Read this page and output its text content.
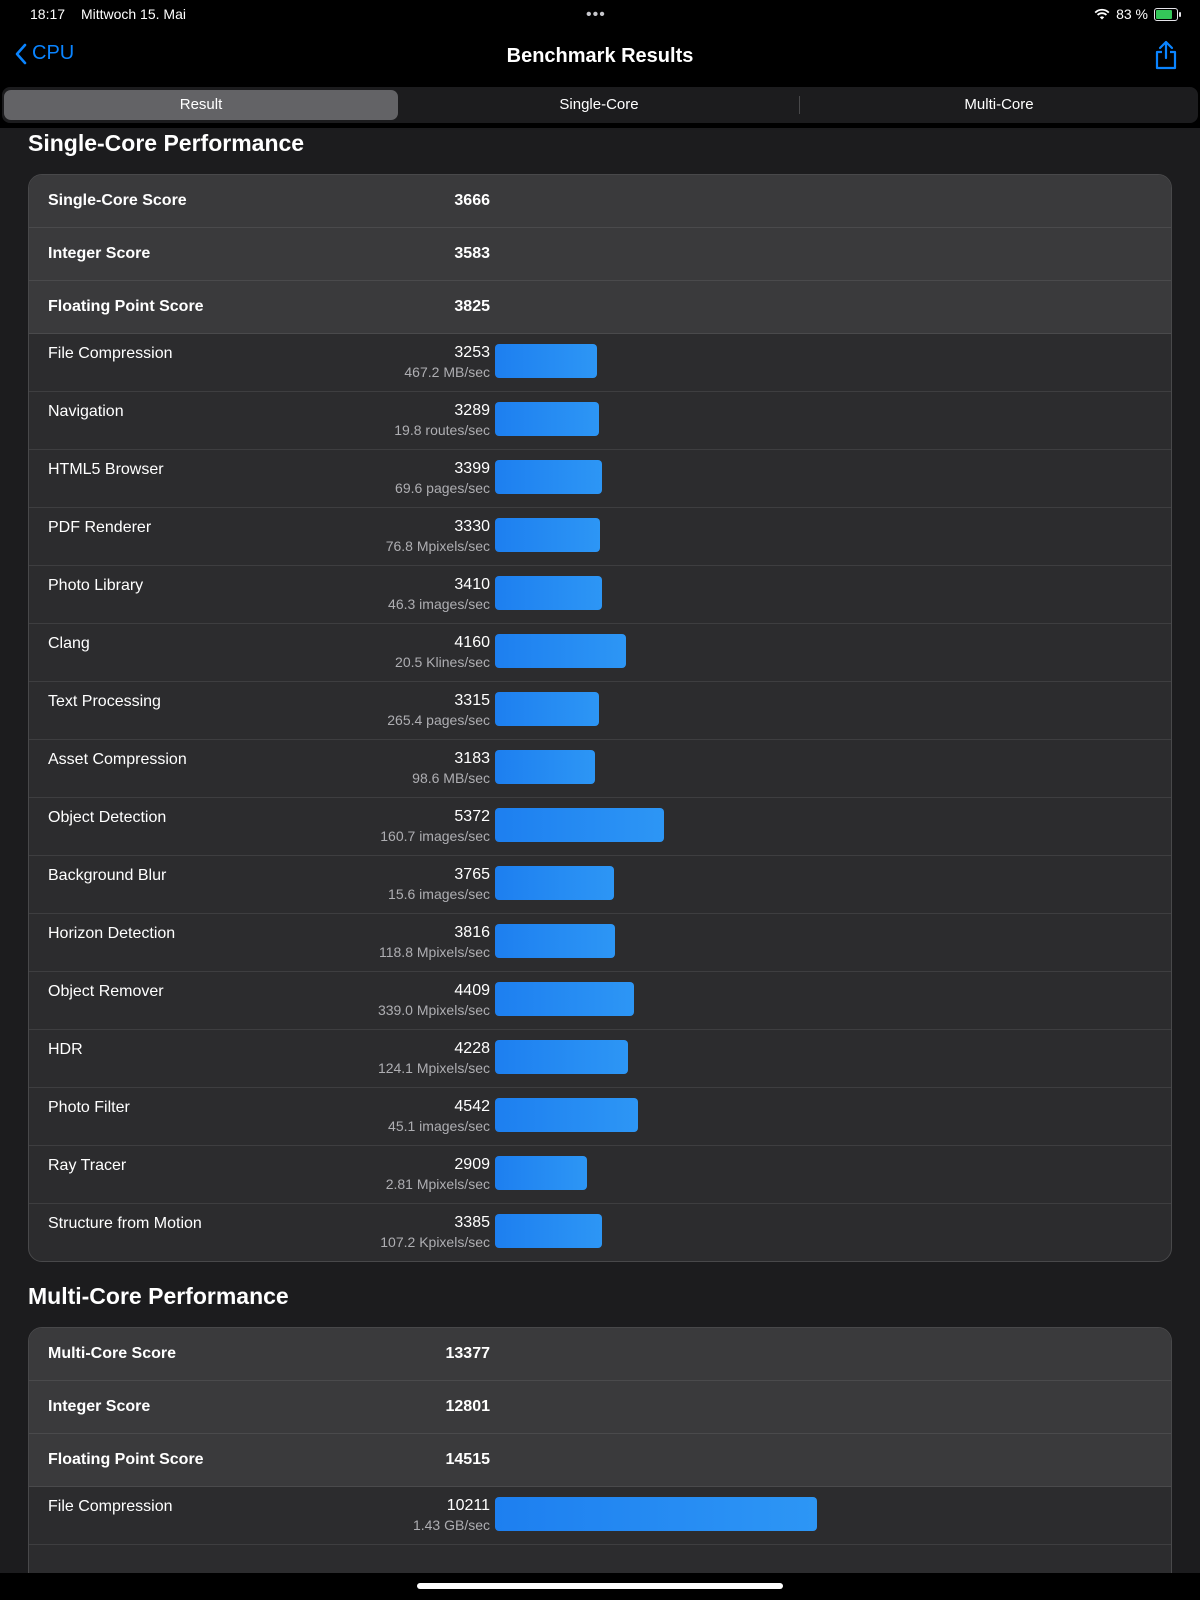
18:17 Mittwoch 15. Mai	•••	83 %
CPU	Benchmark Results
Result	Single-Core	Multi-Core
Single-Core Performance
Single-Core Score	3666
Integer Score	3583
Floating Point Score	3825
File Compression	3253
467.2 MB/sec
Navigation	3289
19.8 routes/sec
HTML5 Browser	3399
69.6 pages/sec
PDF Renderer	3330
76.8 Mpixels/sec
Photo Library	3410
46.3 images/sec
Clang	4160
20.5 Klines/sec
Text Processing	3315
265.4 pages/sec
Asset Compression	3183
98.6 MB/sec
Object Detection	5372
160.7 images/sec
Background Blur	3765
15.6 images/sec
Horizon Detection	3816
118.8 Mpixels/sec
Object Remover	4409
339.0 Mpixels/sec
HDR	4228
124.1 Mpixels/sec
Photo Filter	4542
45.1 images/sec
Ray Tracer	2909
2.81 Mpixels/sec
Structure from Motion	3385
107.2 Kpixels/sec
Multi-Core Performance
Multi-Core Score	13377
Integer Score	12801
Floating Point Score	14515
File Compression	10211
1.43 GB/sec
